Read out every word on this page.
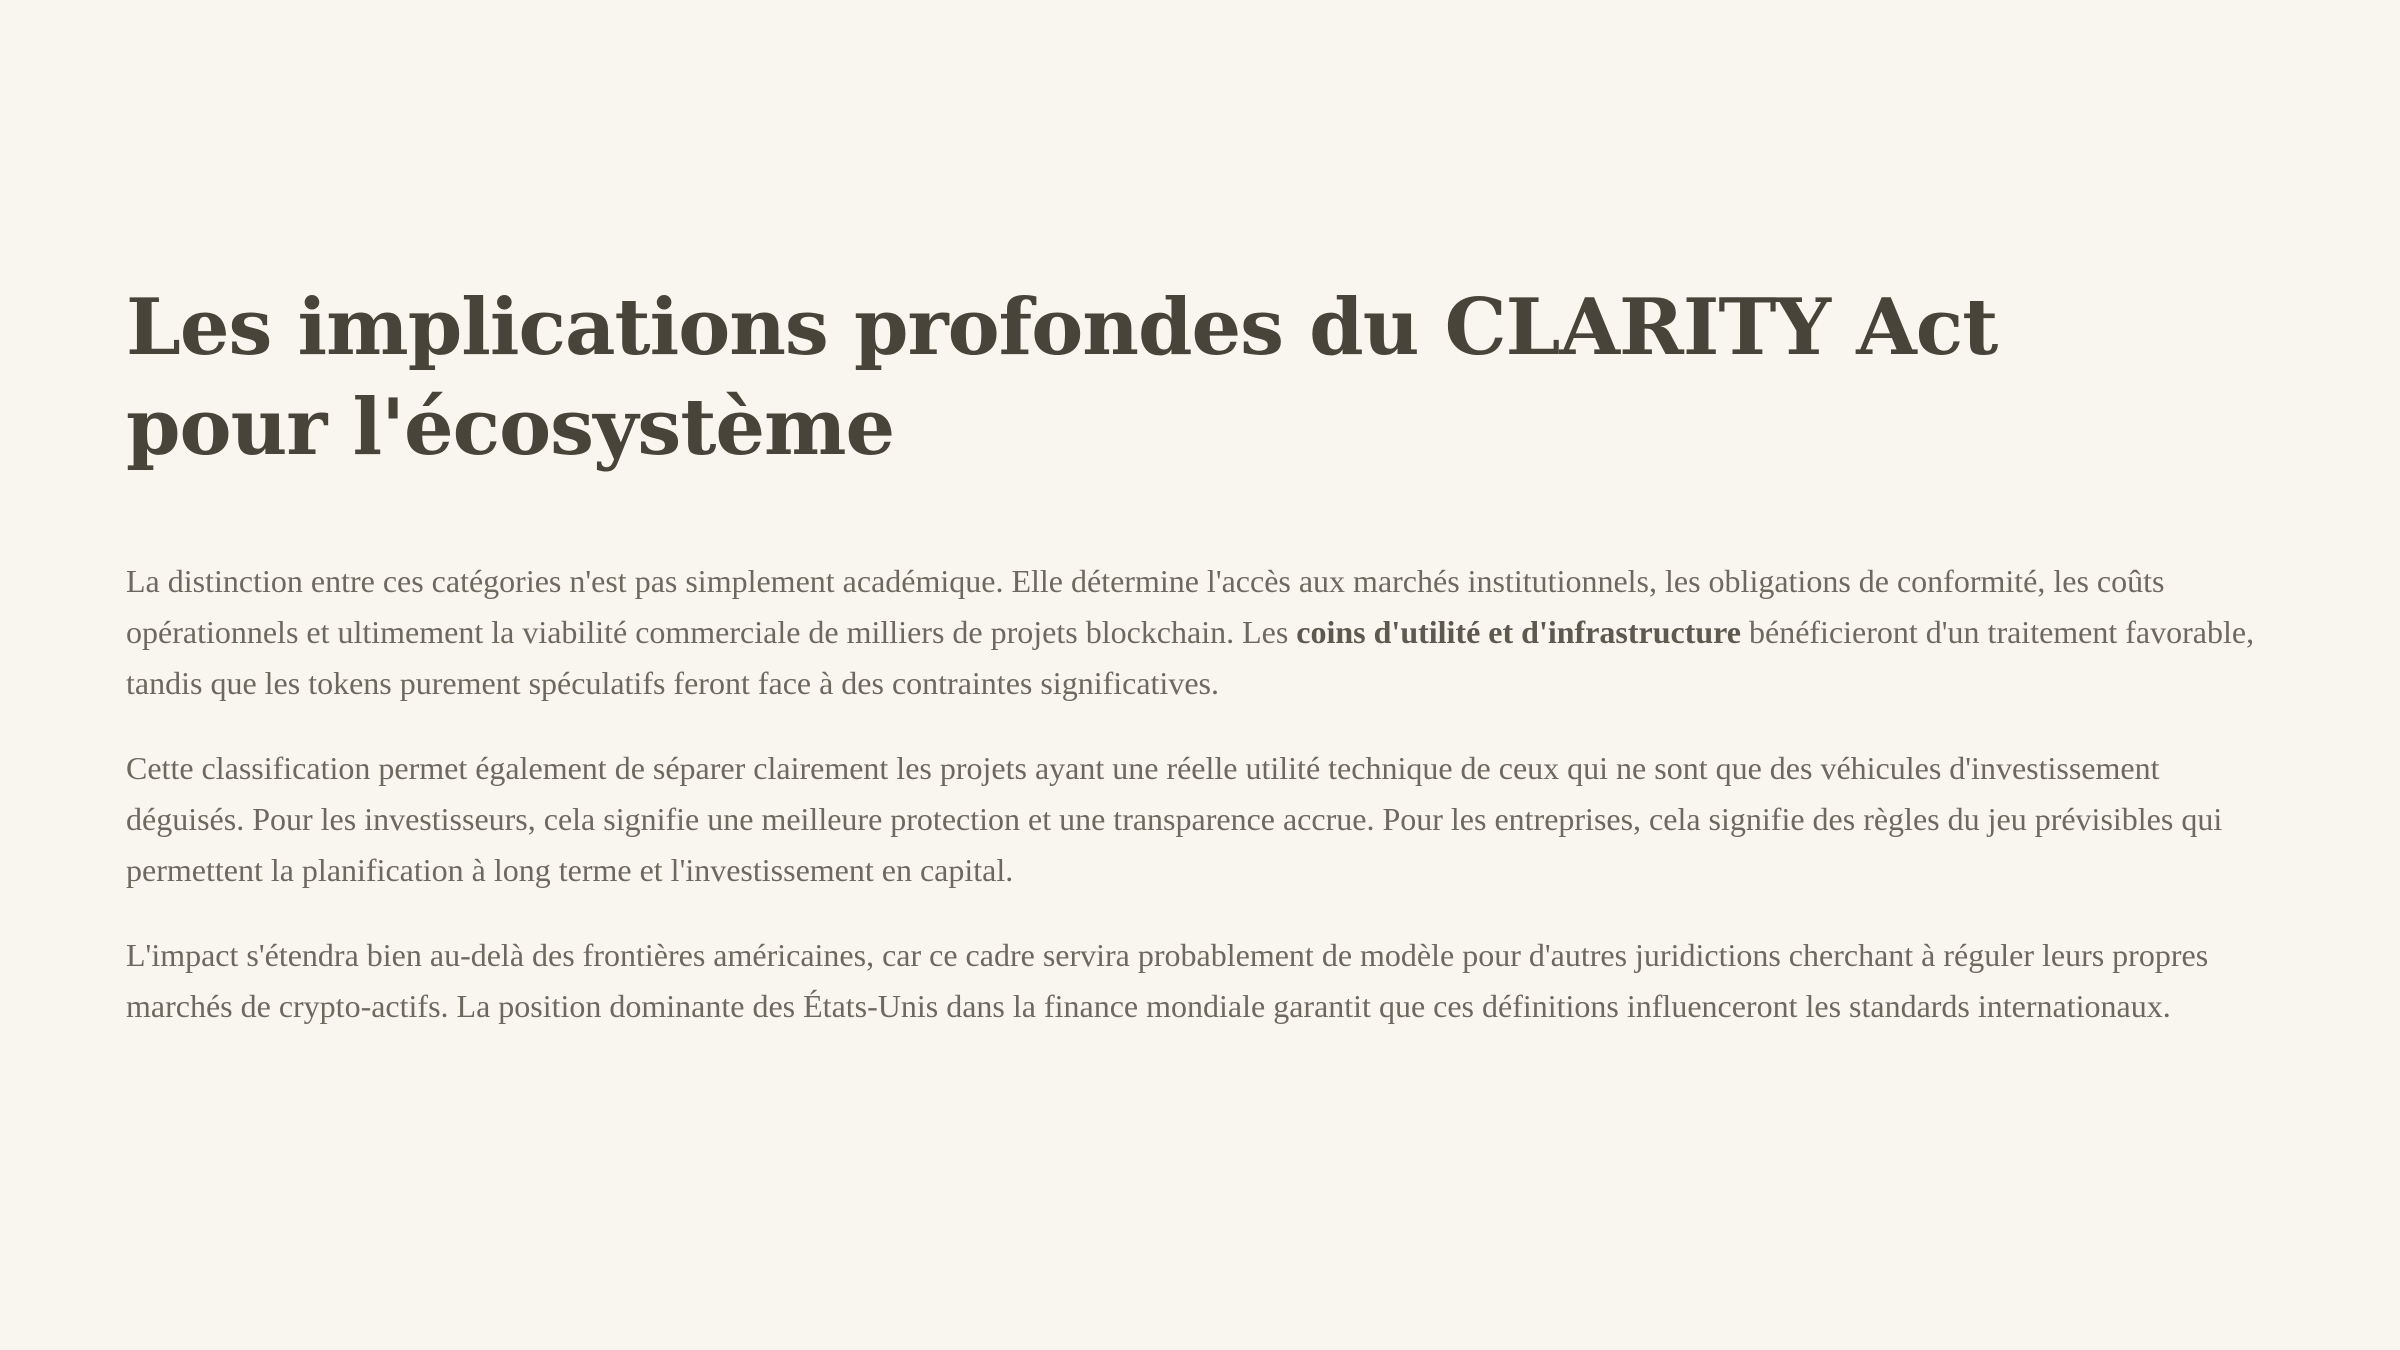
Les implications profondes du CLARITY Act pour l'écosystème

La distinction entre ces catégories n'est pas simplement académique. Elle détermine l'accès aux marchés institutionnels, les obligations de conformité, les coûts opérationnels et ultimement la viabilité commerciale de milliers de projets blockchain. Les coins d'utilité et d'infrastructure bénéficieront d'un traitement favorable, tandis que les tokens purement spéculatifs feront face à des contraintes significatives.

Cette classification permet également de séparer clairement les projets ayant une réelle utilité technique de ceux qui ne sont que des véhicules d'investissement déguisés. Pour les investisseurs, cela signifie une meilleure protection et une transparence accrue. Pour les entreprises, cela signifie des règles du jeu prévisibles qui permettent la planification à long terme et l'investissement en capital.

L'impact s'étendra bien au-delà des frontières américaines, car ce cadre servira probablement de modèle pour d'autres juridictions cherchant à réguler leurs propres marchés de crypto-actifs. La position dominante des États-Unis dans la finance mondiale garantit que ces définitions influenceront les standards internationaux.
